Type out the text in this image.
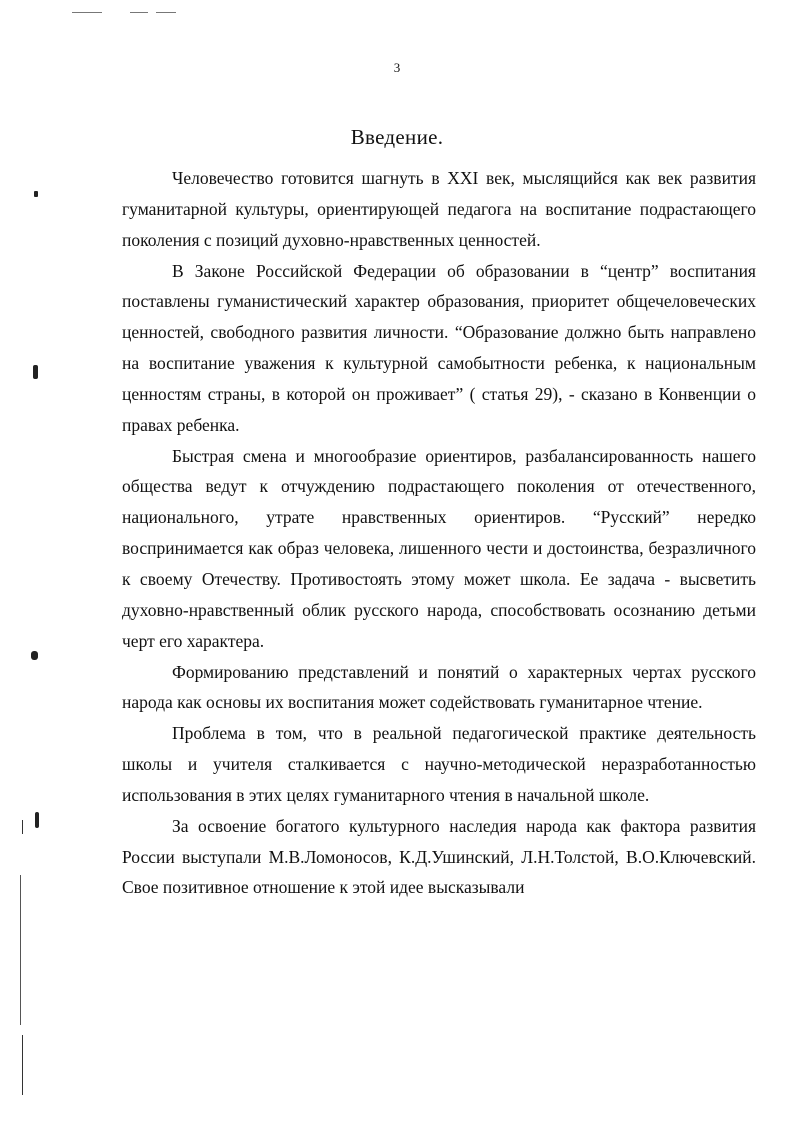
3
Введение.

Человечество готовится шагнуть в XXI век, мыслящийся как век развития гуманитарной культуры, ориентирующей педагога на воспитание подрастающего поколения с позиций духовно-нравственных ценностей.

В Законе Российской Федерации об образовании в “центр” воспитания поставлены гуманистический характер образования, приоритет общечеловеческих ценностей, свободного развития личности. “Образование должно быть направлено на воспитание уважения к культурной самобытности ребенка, к национальным ценностям страны, в которой он проживает” ( статья 29), - сказано в Конвенции о правах ребенка.

Быстрая смена и многообразие ориентиров, разбалансированность нашего общества ведут к отчуждению подрастающего поколения от отечественного, национального, утрате нравственных ориентиров. “Русский” нередко воспринимается как образ человека, лишенного чести и достоинства, безразличного к своему Отечеству. Противостоять этому может школа. Ее задача - высветить духовно-нравственный облик русского народа, способствовать осознанию детьми черт его характера.

Формированию представлений и понятий о характерных чертах русского народа как основы их воспитания может содействовать гуманитарное чтение.

Проблема в том, что в реальной педагогической практике деятельность школы и учителя сталкивается с научно-методической неразработанностью использования в этих целях гуманитарного чтения в начальной школе.

За освоение богатого культурного наследия народа как фактора развития России выступали М.В.Ломоносов, К.Д.Ушинский, Л.Н.Толстой, В.О.Ключевский. Свое позитивное отношение к этой идее высказывали
